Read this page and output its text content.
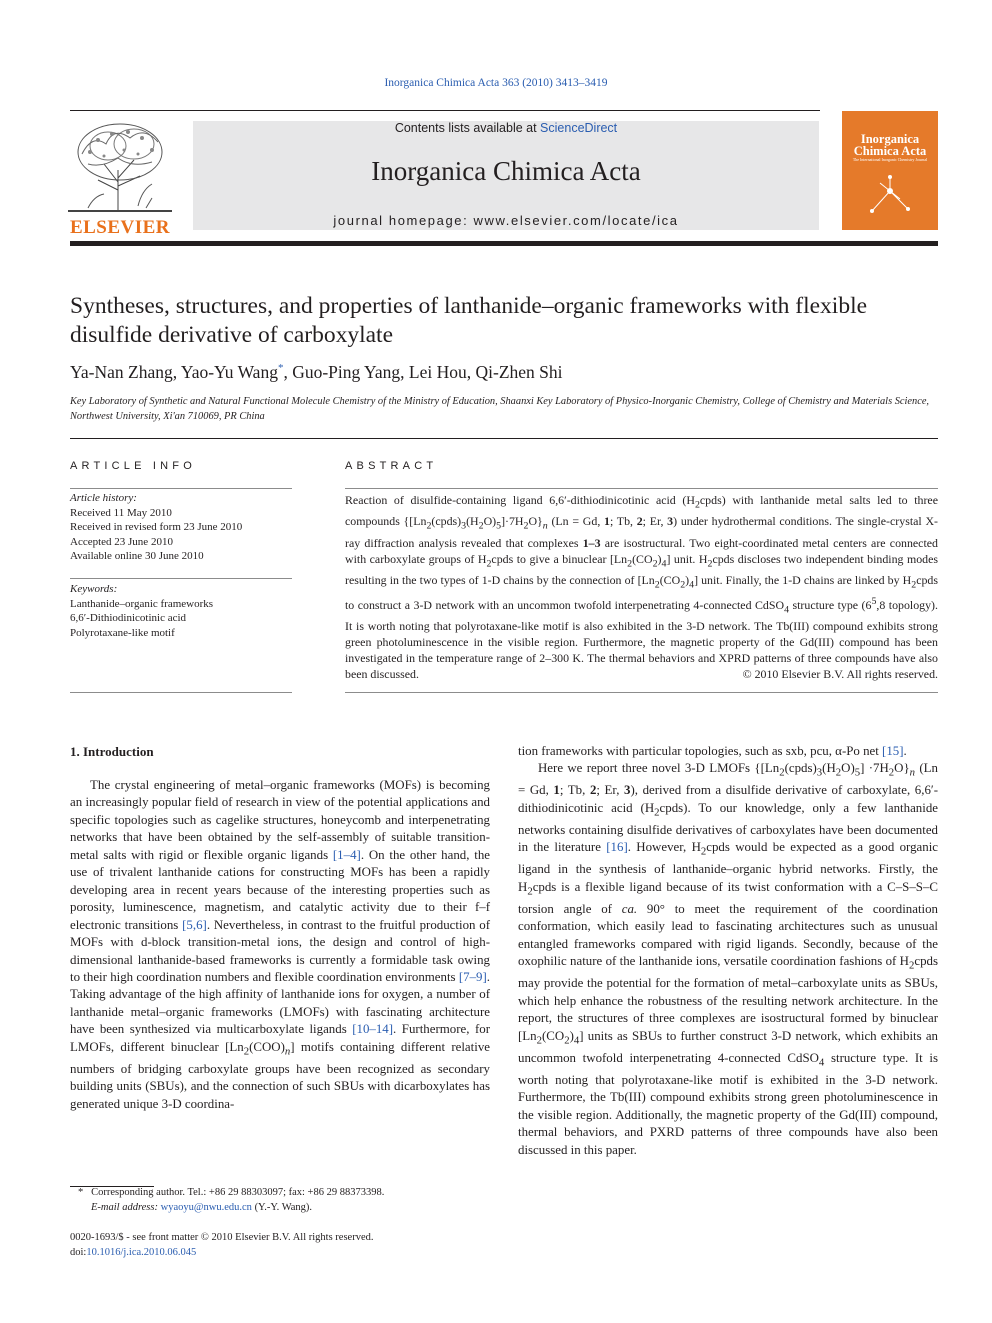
Inorganica Chimica Acta 363 (2010) 3413–3419
ELSEVIER
Contents lists available at ScienceDirect
Inorganica Chimica Acta
journal homepage: www.elsevier.com/locate/ica
Inorganica Chimica Acta
The International Inorganic Chemistry Journal
Syntheses, structures, and properties of lanthanide–organic frameworks with flexible disulfide derivative of carboxylate
Ya-Nan Zhang, Yao-Yu Wang*, Guo-Ping Yang, Lei Hou, Qi-Zhen Shi
Key Laboratory of Synthetic and Natural Functional Molecule Chemistry of the Ministry of Education, Shaanxi Key Laboratory of Physico-Inorganic Chemistry, College of Chemistry and Materials Science, Northwest University, Xi'an 710069, PR China
ARTICLE INFO
Article history:
Received 11 May 2010
Received in revised form 23 June 2010
Accepted 23 June 2010
Available online 30 June 2010
Keywords:
Lanthanide–organic frameworks
6,6′-Dithiodinicotinic acid
Polyrotaxane-like motif
ABSTRACT

Reaction of disulfide-containing ligand 6,6′-dithiodinicotinic acid $(H_2cpds)$ with lanthanide metal salts led to three compounds $\{[Ln_2(cpds)_3(H_2O)_5]\cdot 7H_2O\}_n$ (Ln = Gd, 1; Tb, 2; Er, 3) under hydrothermal conditions. The single-crystal X-ray diffraction analysis revealed that complexes 1–3 are isostructural. Two eight-coordinated metal centers are connected with carboxylate groups of $H_2cpds$ to give a binuclear $[Ln_2(CO_2)_4]$ unit. $H_2cpds$ discloses two independent binding modes resulting in the two types of 1-D chains by the connection of $[Ln_2(CO_2)_4]$ unit. Finally, the 1-D chains are linked by $H_2cpds$ to construct a 3-D network with an uncommon twofold interpenetrating 4-connected CdSO$_4$ structure type ($6^5,8$ topology). It is worth noting that polyrotaxane-like motif is also exhibited in the 3-D network. The Tb(III) compound exhibits strong green photoluminescence in the visible region. Furthermore, the magnetic property of the Gd(III) compound has been investigated in the temperature range of 2–300 K. The thermal behaviors and XPRD patterns of three compounds have also been discussed.	© 2010 Elsevier B.V. All rights reserved.
1. Introduction

The crystal engineering of metal–organic frameworks (MOFs) is becoming an increasingly popular field of research in view of the potential applications and specific topologies such as cagelike structures, honeycomb and interpenetrating networks that have been obtained by the self-assembly of suitable transition-metal salts with rigid or flexible organic ligands [1–4]. On the other hand, the use of trivalent lanthanide cations for constructing MOFs has been a rapidly developing area in recent years because of the interesting properties such as porosity, luminescence, magnetism, and catalytic activity due to their f–f electronic transitions [5,6]. Nevertheless, in contrast to the fruitful production of MOFs with d-block transition-metal ions, the design and control of high-dimensional lanthanide-based frameworks is currently a formidable task owing to their high coordination numbers and flexible coordination environments [7–9]. Taking advantage of the high affinity of lanthanide ions for oxygen, a number of lanthanide metal–organic frameworks (LMOFs) with fascinating architecture have been synthesized via multicarboxylate ligands [10–14]. Furthermore, for LMOFs, different binuclear $[Ln_2(COO)_n]$ motifs containing different relative numbers of bridging carboxylate groups have been recognized as secondary building units (SBUs), and the connection of such SBUs with dicarboxylates has generated unique 3-D coordina-

tion frameworks with particular topologies, such as sxb, pcu, α-Po net [15].

Here we report three novel 3-D LMOFs $\{[Ln_2(cpds)_3(H_2O)_5] \cdot 7H_2O\}_n$ (Ln = Gd, 1; Tb, 2; Er, 3), derived from a disulfide derivative of carboxylate, 6,6′-dithiodinicotinic acid $(H_2cpds)$. To our knowledge, only a few lanthanide networks containing disulfide derivatives of carboxylates have been documented in the literature [16]. However, $H_2cpds$ would be expected as a good organic ligand in the synthesis of lanthanide–organic hybrid networks. Firstly, the $H_2cpds$ is a flexible ligand because of its twist conformation with a C–S–S–C torsion angle of ca. 90° to meet the requirement of the coordination conformation, which easily lead to fascinating architectures such as unusual entangled frameworks compared with rigid ligands. Secondly, because of the oxophilic nature of the lanthanide ions, versatile coordination fashions of $H_2cpds$ may provide the potential for the formation of metal–carboxylate units as SBUs, which help enhance the robustness of the resulting network architecture. In the report, the structures of three complexes are isostructural formed by binuclear $[Ln_2(CO_2)_4]$ units as SBUs to further construct 3-D network, which exhibits an uncommon twofold interpenetrating 4-connected CdSO$_4$ structure type. It is worth noting that polyrotaxane-like motif is exhibited in the 3-D network. Furthermore, the Tb(III) compound exhibits strong green photoluminescence in the visible region. Additionally, the magnetic property of the Gd(III) compound, thermal behaviors, and PXRD patterns of three compounds have also been discussed in this paper.

* Corresponding author. Tel.: +86 29 88303097; fax: +86 29 88373398.
E-mail address: wyaoyu@nwu.edu.cn (Y.-Y. Wang).
0020-1693/$ - see front matter © 2010 Elsevier B.V. All rights reserved.
doi:10.1016/j.ica.2010.06.045
